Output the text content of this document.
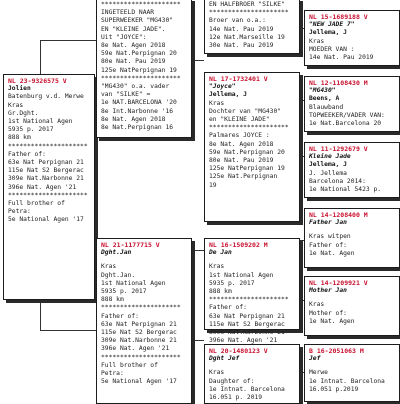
NL 23-9326575 V
Jolien
Batenburg v.d. Merwe
Kras
Gr.Dght.
1st National Agen
5935 p. 2017
888 km
*********************
Father of:
63e Nat Perpignan 21
115e Nat S2 Bergerac
309e Nat.Narbonne 21
396e Nat. Agen '21
*********************
Full brother of
Petra:
5e National Agen '17
*********************
INGETEELD NAAR
SUPERWEEKER "MG430"
EN "KLEINE JADE".
Uit "JOYCE":
8e Nat. Agen 2018
59e Nat.Perpignan 20
80e Nat. Pau 2019
125e NatPerpignan 19
*********************
"MG430" o.a. vader
van "SILKE" =
1e NAT.BARCELONA '20
8e Int.Narbonne '16
8e Nat. Agen 2018
8e Nat.Perpignan 16
NL 21-1177715 V
Dght.Jan
Kras
Dght.Jan.
1st National Agen
5935 p. 2017
888 km
*********************
Father of:
63e Nat Perpignan 21
115e Nat S2 Bergerac
309e Nat.Narbonne 21
396e Nat. Agen '21
*********************
Full brother of
Petra:
5e National Agen '17
EN HALFBROER "SILKE"
*********************
Broer van o.a.:
14e Nat. Pau 2019
12e Nat.Marseille 19
30e Nat. Pau 2019
NL 17-1732401 V
"Joyce"
Jellema, J
Kras
Dochter van "MG430"
en "KLEINE JADE"
*********************
Palmares JOYCE :
8e Nat. Agen 2018
59e Nat.Perpignan 20
80e Nat. Pau 2019
125e NatPerpignan 19
125e Nat.Perpignan
19
NL 16-1509202 M
De Jan
Kras
1st National Agen
5935 p. 2017
888 km
*********************
Father of:
63e Nat Perpignan 21
115e Nat S2 Bergerac
309e Nat.Narbonne 21
396e Nat. Agen '21
NL 20-1480123 V
Dght Jef
Kras
Daughter of:
1e Intnat. Barcelona
16.051 p. 2019
NL 15-1689188 V
"NEW JADE 7"
Jellema, J
Kras
MOEDER VAN :
14e Nat. Pau 2019
NL 12-1108430 M
"MG430"
Beens, A
Blauwband
TOPWEEKER/VADER VAN:
1e Nat.Barcelona 20
NL 11-1292679 V
Kleine Jade
Jellema, J
J. Jellema
Barcelona 2014:
1e National 5423 p.
NL 14-1208400 M
Father Jan
Kras witpen
Father of:
1e Nat. Agen
NL 14-1209921 V
Mother Jan
Kras
Mother of:
1e Nat. Agen
B 16-2051063 M
Jef
Merwe
1e Intnat. Barcelona
16.051 p.2019
